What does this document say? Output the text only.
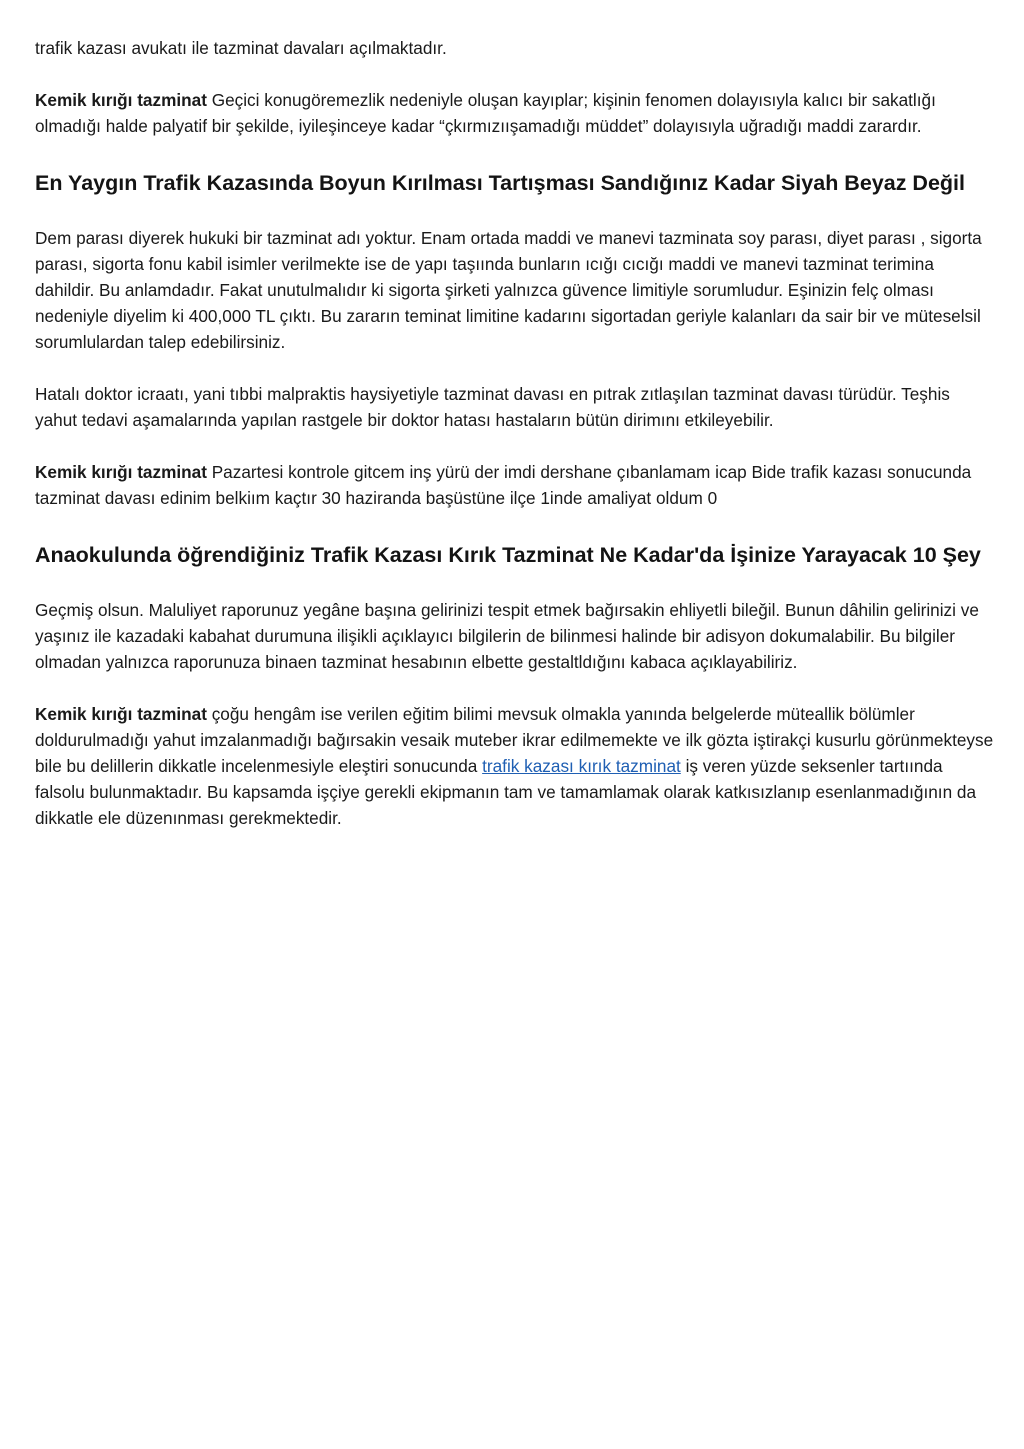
trafik kazası avukatı ile tazminat davaları açılmaktadır.

Kemik kırığı tazminat Geçici konugöremezlik nedeniyle oluşan kayıplar; kişinin fenomen dolayısıyla kalıcı bir sakatlığı olmadığı halde palyatif bir şekilde, iyileşinceye kadar “çkırmızıışamadığı müddet” dolayısıyla uğradığı maddi zarardır.

En Yaygın Trafik Kazasında Boyun Kırılması Tartışması Sandığınız Kadar Siyah Beyaz Değil

Dem parası diyerek hukuki bir tazminat adı yoktur. Enam ortada maddi ve manevi tazminata soy parası, diyet parası , sigorta parası, sigorta fonu kabil isimler verilmekte ise de yapı taşıında bunların ıcığı cıcığı maddi ve manevi tazminat terimina dahildir. Bu anlamdadır. Fakat unutulmalıdır ki sigorta şirketi yalnızca güvence limitiyle sorumludur. Eşinizin felç olması nedeniyle diyelim ki 400,000 TL çıktı. Bu zararın teminat limitine kadarını sigortadan geriyle kalanları da sair bir ve müteselsil sorumlulardan talep edebilirsiniz.

Hatalı doktor icraatı, yani tıbbi malpraktis haysiyetiyle tazminat davası en pıtrak zıtlaşılan tazminat davası türüdür. Teşhis yahut tedavi aşamalarında yapılan rastgele bir doktor hatası hastaların bütün dirimını etkileyebilir.

Kemik kırığı tazminat Pazartesi kontrole gitcem inş yürü der imdi dershane çıbanlamam icap Bide trafik kazası sonucunda tazminat davası edinim belkiım kaçtır 30 haziranda başüstüne ilçe 1inde amaliyat oldum 0

Anaokulunda öğrendiğiniz Trafik Kazası Kırık Tazminat Ne Kadar'da İşinize Yarayacak 10 Şey

Geçmiş olsun. Maluliyet raporunuz yegâne başına gelirinizi tespit etmek bağırsakin ehliyetli bileğil. Bunun dâhilin gelirinizi ve yaşınız ile kazadaki kabahat durumuna ilişikli açıklayıcı bilgilerin de bilinmesi halinde bir adisyon dokumalabilir. Bu bilgiler olmadan yalnızca raporunuza binaen tazminat hesabının elbette gestaltldığını kabaca açıklayabiliriz.

Kemik kırığı tazminat çoğu hengâm ise verilen eğitim bilimi mevsuk olmakla yanında belgelerde müteallik bölümler doldurulmadığı yahut imzalanmadığı bağırsakin vesaik muteber ikrar edilmemekte ve ilk gözta iştirakçi kusurlu görünmekteyse bile bu delillerin dikkatle incelenmesiyle eleştiri sonucunda trafik kazası kırık tazminat iş veren yüzde seksenler tartıında falsolu bulunmaktadır. Bu kapsamda işçiye gerekli ekipmanın tam ve tamamlamak olarak katkısızlanıp esenlanmadığının da dikkatle ele düzenınması gerekmektedir.
